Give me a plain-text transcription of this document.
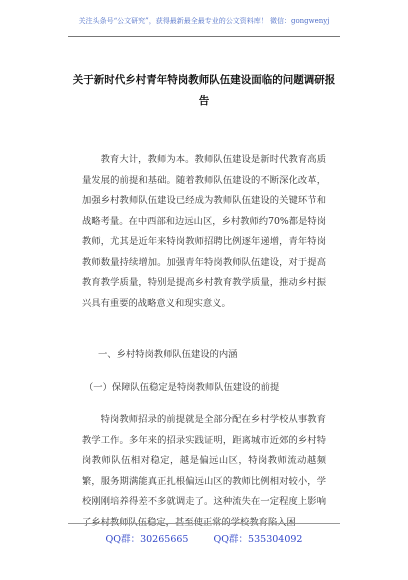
关注头条号“公文研究”，获得最新最全最专业的公文资料库！ 微信：gongwenyj
关于新时代乡村青年特岗教师队伍建设面临的问题调研报告

教育大计，教师为本。教师队伍建设是新时代教育高质量发展的前提和基础。随着教师队伍建设的不断深化改革，加强乡村教师队伍建设已经成为教师队伍建设的关键环节和战略考量。在中西部和边远山区，乡村教师约70%都是特岗教师，尤其是近年来特岗教师招聘比例逐年递增，青年特岗教师数量持续增加。加强青年特岗教师队伍建设，对于提高教育教学质量，特别是提高乡村教育教学质量，推动乡村振兴具有重要的战略意义和现实意义。

一、乡村特岗教师队伍建设的内涵
（一）保障队伍稳定是特岗教师队伍建设的前提

特岗教师招录的前提就是全部分配在乡村学校从事教育教学工作。多年来的招录实践证明，距离城市近郊的乡村特岗教师队伍相对稳定，越是偏远山区，特岗教师流动越频繁，服务期满能真正扎根偏远山区的教师比例相对较小，学校刚刚培养得差不多就调走了。这种流失在一定程度上影响了乡村教师队伍稳定，甚至使正常的学校教育陷入困

QQ群：30265665	QQ群：535304092
